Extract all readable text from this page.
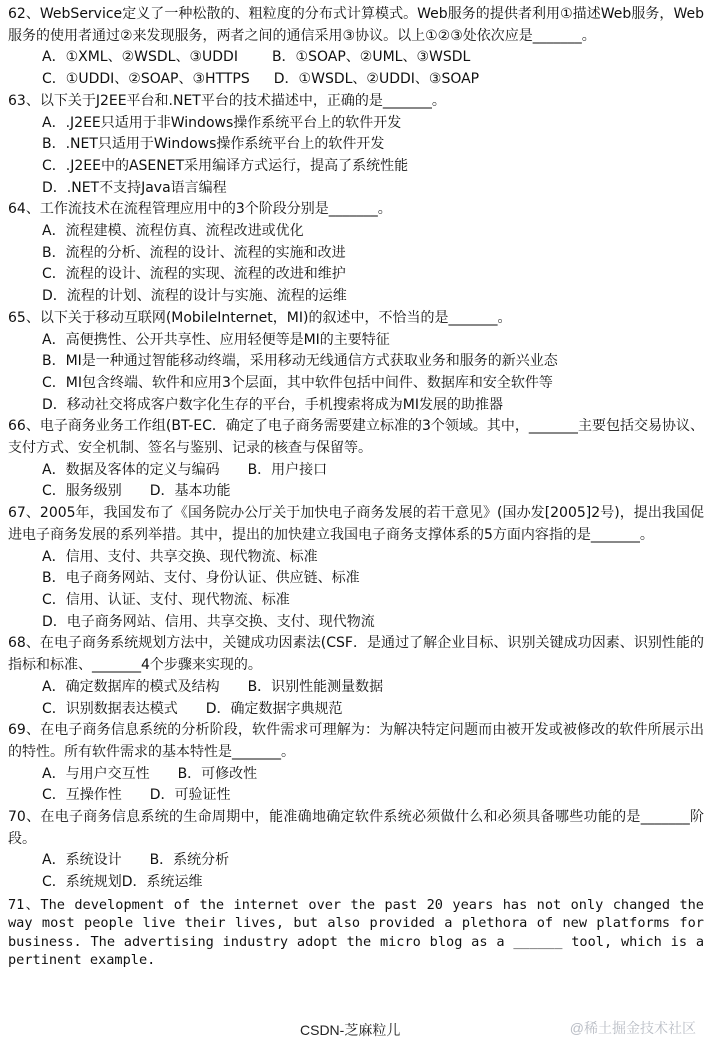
62、WebService定义了一种松散的、粗粒度的分布式计算模式。Web服务的提供者利用①描述Web服务，Web服务的使用者通过②来发现服务，两者之间的通信采用③协议。以上①②③处依次应是_______。
A．①XML、②WSDL、③UDDI B．①SOAP、②UML、③WSDL
C．①UDDI、②SOAP、③HTTPS D．①WSDL、②UDDI、③SOAP
63、以下关于J2EE平台和.NET平台的技术描述中，正确的是_______。
A．.J2EE只适用于非Windows操作系统平台上的软件开发
B．.NET只适用于Windows操作系统平台上的软件开发
C．.J2EE中的ASENET采用编译方式运行，提高了系统性能
D．.NET不支持Java语言编程
64、工作流技术在流程管理应用中的3个阶段分别是_______。
A．流程建模、流程仿真、流程改进或优化
B．流程的分析、流程的设计、流程的实施和改进
C．流程的设计、流程的实现、流程的改进和维护
D．流程的计划、流程的设计与实施、流程的运维
65、以下关于移动互联网(MobileInternet，MI)的叙述中，不恰当的是_______。
A．高便携性、公开共享性、应用轻便等是MI的主要特征
B．MI是一种通过智能移动终端，采用移动无线通信方式获取业务和服务的新兴业态
C．MI包含终端、软件和应用3个层面，其中软件包括中间件、数据库和安全软件等
D．移动社交将成客户数字化生存的平台，手机搜索将成为MI发展的助推器
66、电子商务业务工作组(BT-EC．确定了电子商务需要建立标准的3个领域。其中，_______主要包括交易协议、支付方式、安全机制、签名与鉴别、记录的核查与保留等。
A．数据及客体的定义与编码 B．用户接口
C．服务级别 D．基本功能
67、2005年，我国发布了《国务院办公厅关于加快电子商务发展的若干意见》(国办发[2005]2号)，提出我国促进电子商务发展的系列举措。其中，提出的加快建立我国电子商务支撑体系的5方面内容指的是_______。
A．信用、支付、共享交换、现代物流、标准
B．电子商务网站、支付、身份认证、供应链、标准
C．信用、认证、支付、现代物流、标准
D．电子商务网站、信用、共享交换、支付、现代物流
68、在电子商务系统规划方法中，关键成功因素法(CSF．是通过了解企业目标、识别关键成功因素、识别性能的指标和标准、_______4个步骤来实现的。
A．确定数据库的模式及结构 B．识别性能测量数据
C．识别数据表达模式 D．确定数据字典规范
69、在电子商务信息系统的分析阶段，软件需求可理解为：为解决特定问题而由被开发或被修改的软件所展示出的特性。所有软件需求的基本特性是_______。
A．与用户交互性 B．可修改性
C．互操作性 D．可验证性
70、在电子商务信息系统的生命周期中，能准确地确定软件系统必须做什么和必须具备哪些功能的是_______阶段。
A．系统设计 B．系统分析
C．系统规划D．系统运维
71、The development of the internet over the past 20 years has not only changed the way most people live their lives, but also provided a plethora of new platforms for business. The advertising industry adopt the micro blog as a ______ tool, which is a pertinent example.
CSDN-芝麻粒儿	@稀土掘金技术社区
